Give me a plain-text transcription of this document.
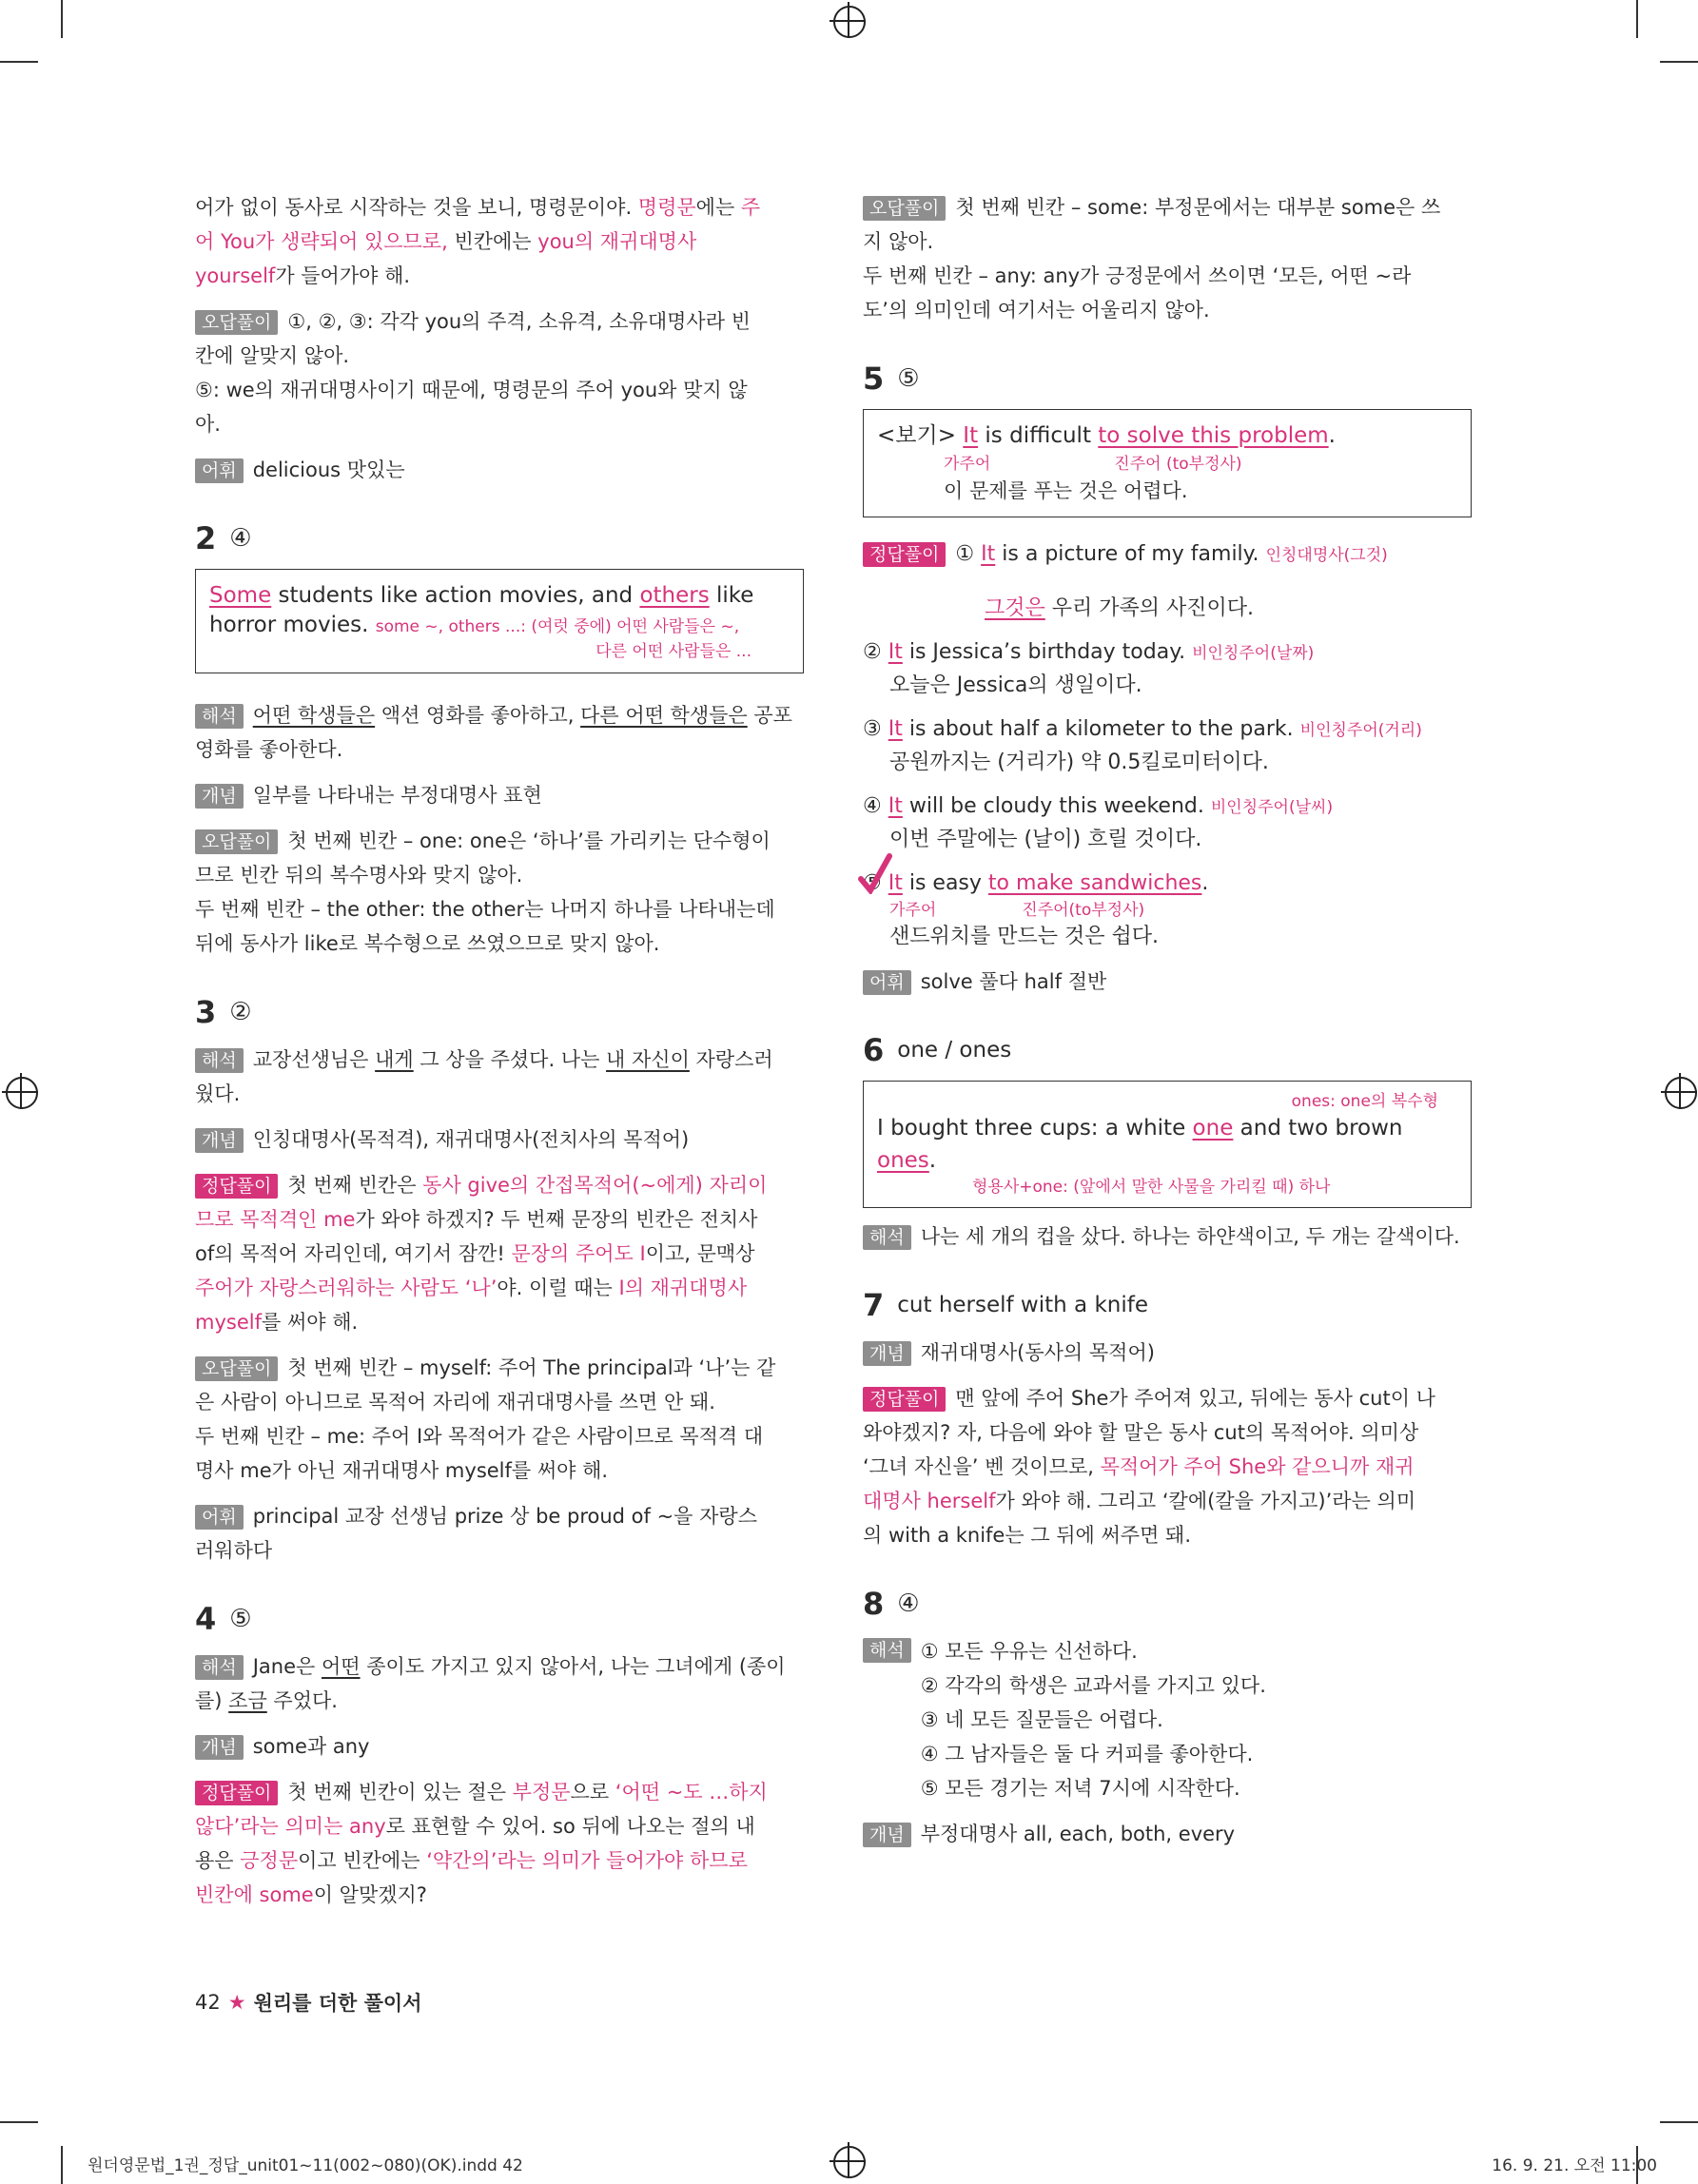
어가 없이 동사로 시작하는 것을 보니, 명령문이야. 명령문에는 주

어 You가 생략되어 있으므로, 빈칸에는 you의 재귀대명사

yourself가 들어가야 해.

오답풀이 ①, ②, ③: 각각 you의 주격, 소유격, 소유대명사라 빈

칸에 알맞지 않아.

⑤: we의 재귀대명사이기 때문에, 명령문의 주어 you와 맞지 않

아.

어휘 delicious 맛있는

2 ④

Some students like action movies, and others like
horror movies. some ~, others ...: (여럿 중에) 어떤 사람들은 ~,
다른 어떤 사람들은 ...

해석 어떤 학생들은 액션 영화를 좋아하고, 다른 어떤 학생들은 공포

영화를 좋아한다.

개념 일부를 나타내는 부정대명사 표현

오답풀이 첫 번째 빈칸 – one: one은 ‘하나’를 가리키는 단수형이

므로 빈칸 뒤의 복수명사와 맞지 않아.

두 번째 빈칸 – the other: the other는 나머지 하나를 나타내는데

뒤에 동사가 like로 복수형으로 쓰였으므로 맞지 않아.

3 ②

해석 교장선생님은 내게 그 상을 주셨다. 나는 내 자신이 자랑스러

웠다.

개념 인칭대명사(목적격), 재귀대명사(전치사의 목적어)

정답풀이 첫 번째 빈칸은 동사 give의 간접목적어(~에게) 자리이

므로 목적격인 me가 와야 하겠지? 두 번째 문장의 빈칸은 전치사

of의 목적어 자리인데, 여기서 잠깐! 문장의 주어도 I이고, 문맥상

주어가 자랑스러워하는 사람도 ‘나’야. 이럴 때는 I의 재귀대명사

myself를 써야 해.

오답풀이 첫 번째 빈칸 – myself: 주어 The principal과 ‘나’는 같

은 사람이 아니므로 목적어 자리에 재귀대명사를 쓰면 안 돼.

두 번째 빈칸 – me: 주어 I와 목적어가 같은 사람이므로 목적격 대

명사 me가 아닌 재귀대명사 myself를 써야 해.

어휘 principal 교장 선생님 prize 상 be proud of ~을 자랑스

러워하다

4 ⑤

해석 Jane은 어떤 종이도 가지고 있지 않아서, 나는 그녀에게 (종이

를) 조금 주었다.

개념 some과 any

정답풀이 첫 번째 빈칸이 있는 절은 부정문으로 ‘어떤 ~도 …하지

않다’라는 의미는 any로 표현할 수 있어. so 뒤에 나오는 절의 내

용은 긍정문이고 빈칸에는 ‘약간의’라는 의미가 들어가야 하므로

빈칸에 some이 알맞겠지?

오답풀이 첫 번째 빈칸 – some: 부정문에서는 대부분 some은 쓰

지 않아.

두 번째 빈칸 – any: any가 긍정문에서 쓰이면 ‘모든, 어떤 ~라

도’의 의미인데 여기서는 어울리지 않아.

5 ⑤

<보기> It is difficult to solve this problem.
가주어	진주어 (to부정사)
이 문제를 푸는 것은 어렵다.

정답풀이 ① It is a picture of my family. 인칭대명사(그것)

그것은 우리 가족의 사진이다.

② It is Jessica’s birthday today. 비인칭주어(날짜)

오늘은 Jessica의 생일이다.

③ It is about half a kilometer to the park. 비인칭주어(거리)

공원까지는 (거리가) 약 0.5킬로미터이다.

④ It will be cloudy this weekend. 비인칭주어(날씨)

이번 주말에는 (날이) 흐릴 것이다.

⑤ It is easy to make sandwiches.

가주어	진주어(to부정사)

샌드위치를 만드는 것은 쉽다.

어휘 solve 풀다 half 절반

6 one / ones

ones: one의 복수형
I bought three cups: a white one and two brown ones.
형용사+one: (앞에서 말한 사물을 가리킬 때) 하나

해석 나는 세 개의 컵을 샀다. 하나는 하얀색이고, 두 개는 갈색이다.

7 cut herself with a knife

개념 재귀대명사(동사의 목적어)

정답풀이 맨 앞에 주어 She가 주어져 있고, 뒤에는 동사 cut이 나

와야겠지? 자, 다음에 와야 할 말은 동사 cut의 목적어야. 의미상

‘그녀 자신을’ 벤 것이므로, 목적어가 주어 She와 같으니까 재귀

대명사 herself가 와야 해. 그리고 ‘칼에(칼을 가지고)’라는 의미

의 with a knife는 그 뒤에 써주면 돼.

8 ④

해석 ① 모든 우유는 신선하다.

② 각각의 학생은 교과서를 가지고 있다.

③ 네 모든 질문들은 어렵다.

④ 그 남자들은 둘 다 커피를 좋아한다.

⑤ 모든 경기는 저녁 7시에 시작한다.

개념 부정대명사 all, each, both, every

42 ★ 원리를 더한 풀이서
원더영문법_1권_정답_unit01~11(002~080)(OK).indd 42	16. 9. 21. 오전 11:00
